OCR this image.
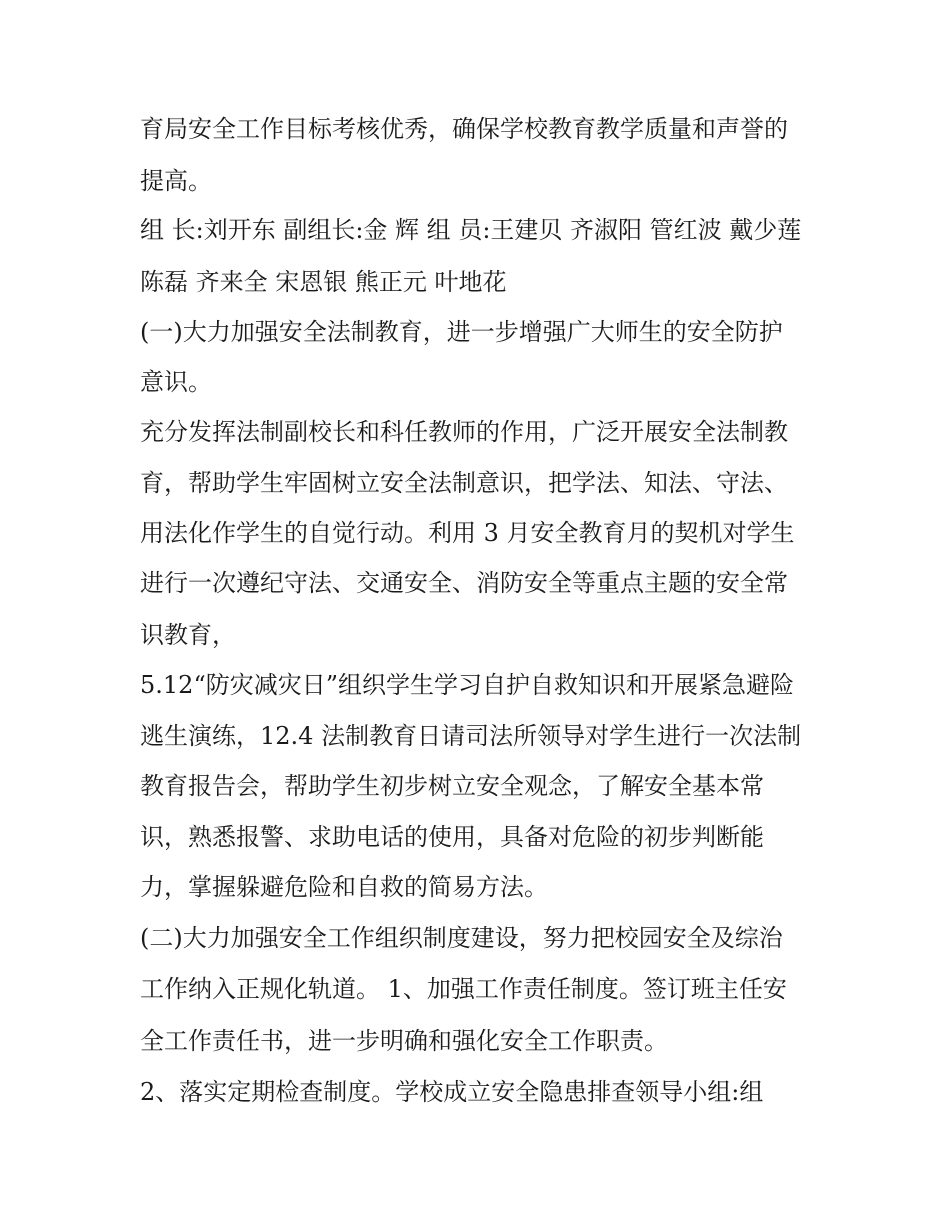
育局安全工作目标考核优秀，确保学校教育教学质量和声誉的
提高。
组 长:刘开东 副组长:金 辉 组 员:王建贝 齐淑阳 管红波 戴少莲
陈磊 齐来全 宋恩银 熊正元 叶地花
(一)大力加强安全法制教育，进一步增强广大师生的安全防护
意识。
充分发挥法制副校长和科任教师的作用，广泛开展安全法制教
育，帮助学生牢固树立安全法制意识，把学法、知法、守法、
用法化作学生的自觉行动。利用 3 月安全教育月的契机对学生
进行一次遵纪守法、交通安全、消防安全等重点主题的安全常
识教育，
5.12“防灾减灾日”组织学生学习自护自救知识和开展紧急避险
逃生演练，12.4 法制教育日请司法所领导对学生进行一次法制
教育报告会，帮助学生初步树立安全观念，了解安全基本常
识，熟悉报警、求助电话的使用，具备对危险的初步判断能
力，掌握躲避危险和自救的简易方法。
(二)大力加强安全工作组织制度建设，努力把校园安全及综治
工作纳入正规化轨道。 1、加强工作责任制度。签订班主任安
全工作责任书，进一步明确和强化安全工作职责。
2、落实定期检查制度。学校成立安全隐患排查领导小组:组
